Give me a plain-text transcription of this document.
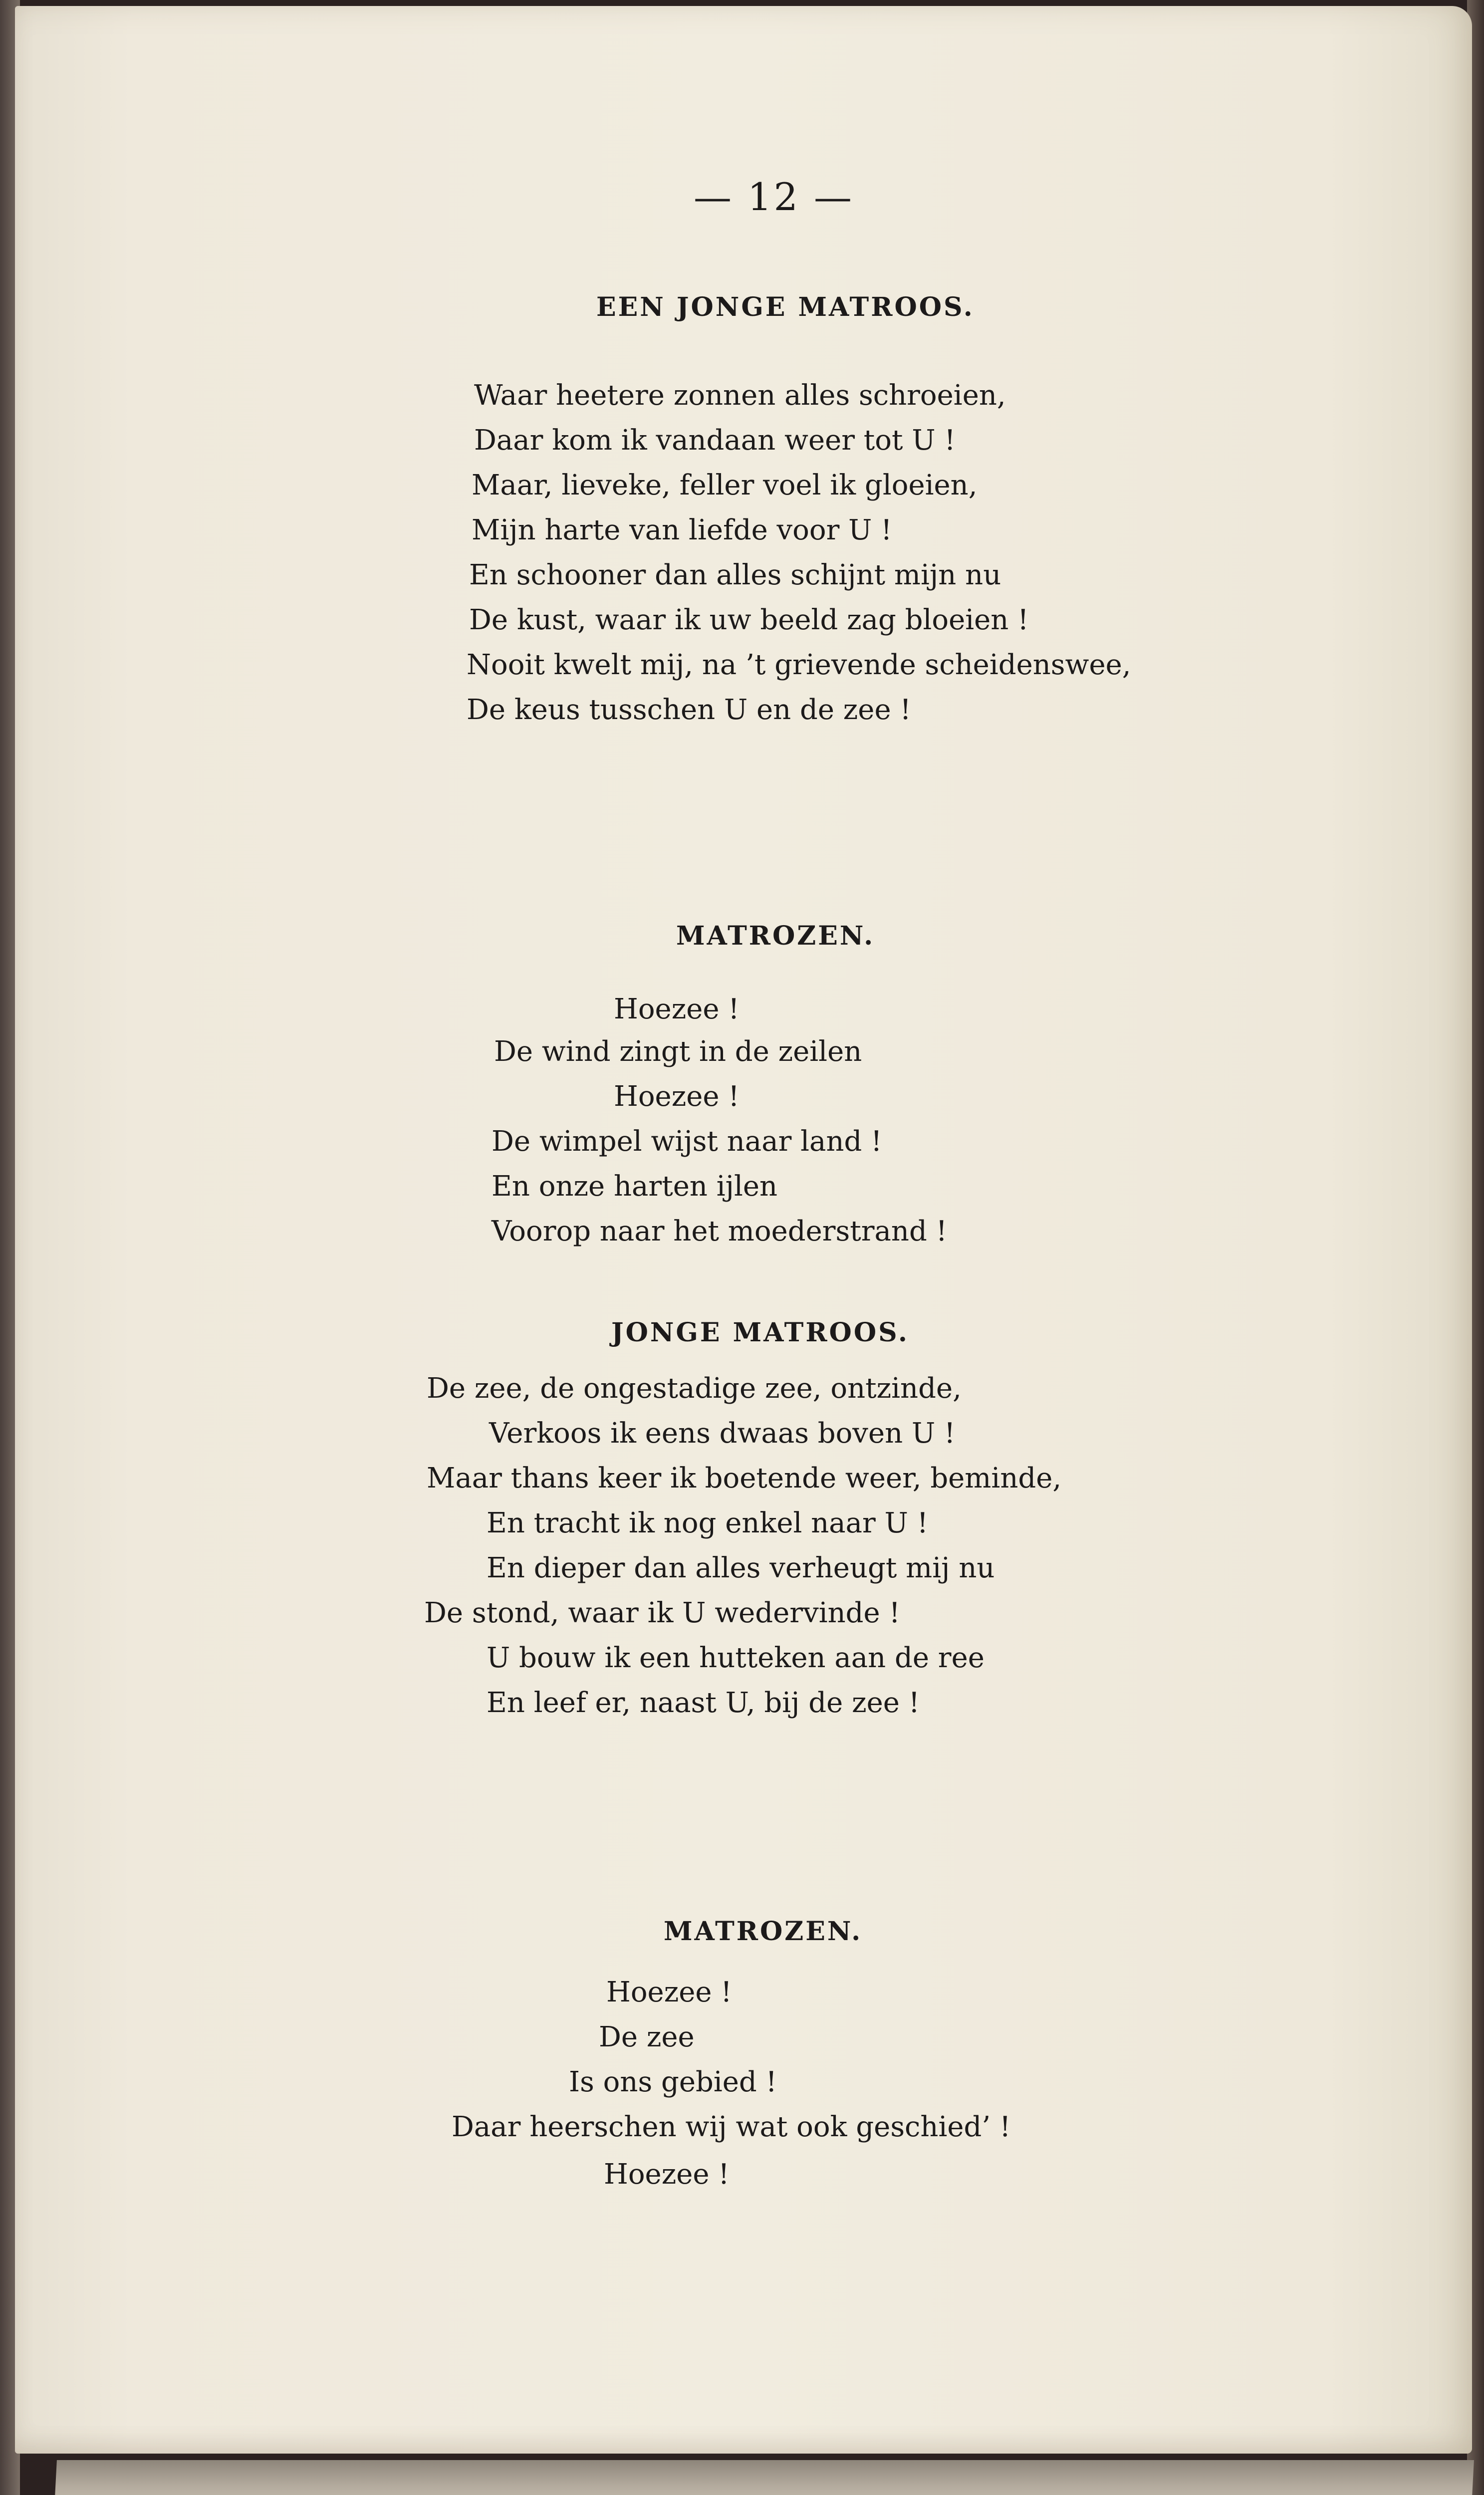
— 12 —
EEN JONGE MATROOS.
Waar heetere zonnen alles schroeien,
Daar kom ik vandaan weer tot U !
Maar, lieveke, feller voel ik gloeien,
Mijn harte van liefde voor U !
En schooner dan alles schijnt mijn nu
De kust, waar ik uw beeld zag bloeien !
Nooit kwelt mij, na ’t grievende scheidenswee,
De keus tusschen U en de zee !
MATROZEN.
Hoezee !
De wind zingt in de zeilen
Hoezee !
De wimpel wijst naar land !
En onze harten ijlen
Voorop naar het moederstrand !
JONGE MATROOS.
De zee, de ongestadige zee, ontzinde,
Verkoos ik eens dwaas boven U !
Maar thans keer ik boetende weer, beminde,
En tracht ik nog enkel naar U !
En dieper dan alles verheugt mij nu
De stond, waar ik U wedervinde !
U bouw ik een hutteken aan de ree
En leef er, naast U, bij de zee !
MATROZEN.
Hoezee !
De zee
Is ons gebied !
Daar heerschen wij wat ook geschied’ !
Hoezee !
